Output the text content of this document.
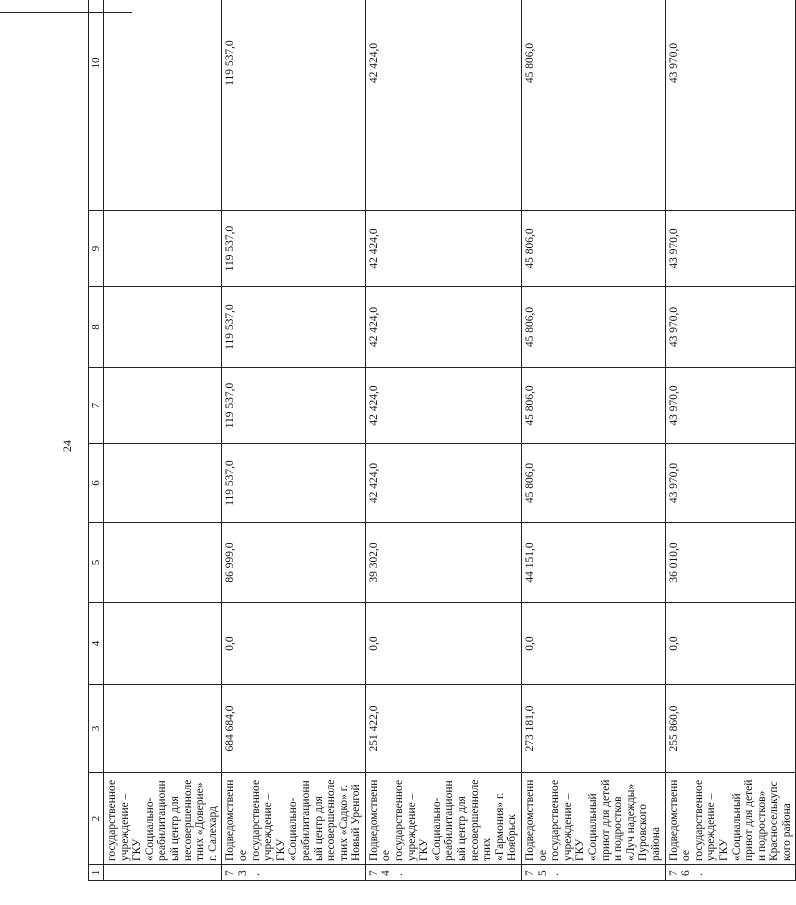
24
1	2	3	4	5	6	7	8	9	10
	государственное учреждение – ГКУ «Социально-реабилитационный центр для несовершеннолетних «Доверие» г. Салехард								
73.	Подведомственное государственное учреждение – ГКУ «Социально-реабилитационный центр для несовершеннолетних «Садко» г. Новый Уренгой	684 684,0	0,0	86 999,0	119 537,0	119 537,0	119 537,0	119 537,0	119 537,0
74.	Подведомственное государственное учреждение – ГКУ «Социально-реабилитационный центр для несовершеннолетних «Гармония» г. Ноябрьск	251 422,0	0,0	39 302,0	42 424,0	42 424,0	42 424,0	42 424,0	42 424,0
75.	Подведомственное государственное учреждение – ГКУ «Социальный приют для детей и подростков «Луч надежды» Пуровского района	273 181,0	0,0	44 151,0	45 806,0	45 806,0	45 806,0	45 806,0	45 806,0
76.	Подведомственное государственное учреждение – ГКУ «Социальный приют для детей и подростков» Красноселькупского района	255 860,0	0,0	36 010,0	43 970,0	43 970,0	43 970,0	43 970,0	43 970,0
